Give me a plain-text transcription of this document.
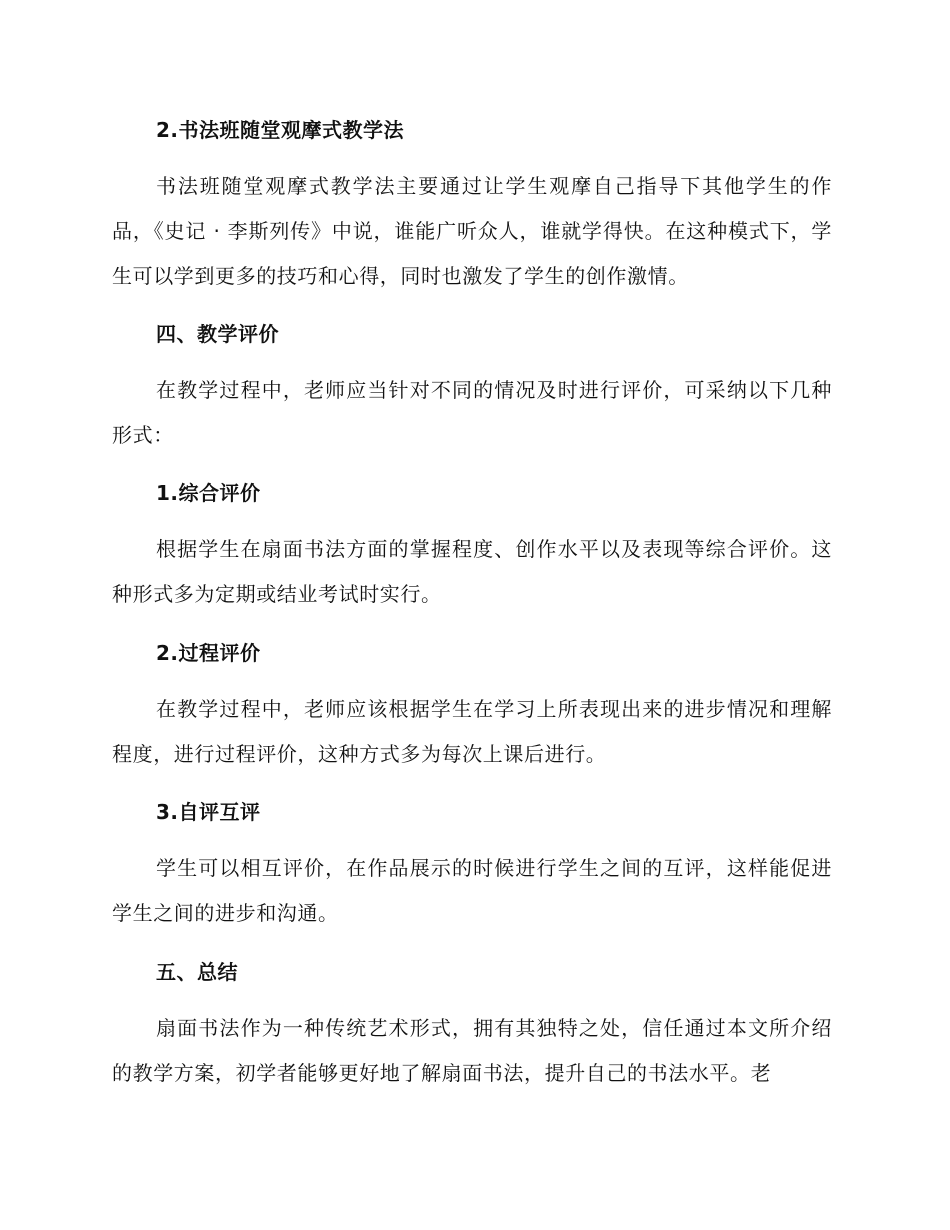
2.书法班随堂观摩式教学法
书法班随堂观摩式教学法主要通过让学生观摩自己指导下其他学生的作品，《史记 · 李斯列传》中说，谁能广听众人，谁就学得快。在这种模式下，学生可以学到更多的技巧和心得，同时也激发了学生的创作激情。
四、教学评价
在教学过程中，老师应当针对不同的情况及时进行评价，可采纳以下几种形式：
1.综合评价
根据学生在扇面书法方面的掌握程度、创作水平以及表现等综合评价。这种形式多为定期或结业考试时实行。
2.过程评价
在教学过程中，老师应该根据学生在学习上所表现出来的进步情况和理解程度，进行过程评价，这种方式多为每次上课后进行。
3.自评互评
学生可以相互评价，在作品展示的时候进行学生之间的互评，这样能促进学生之间的进步和沟通。
五、总结
扇面书法作为一种传统艺术形式，拥有其独特之处，信任通过本文所介绍的教学方案，初学者能够更好地了解扇面书法，提升自己的书法水平。老
